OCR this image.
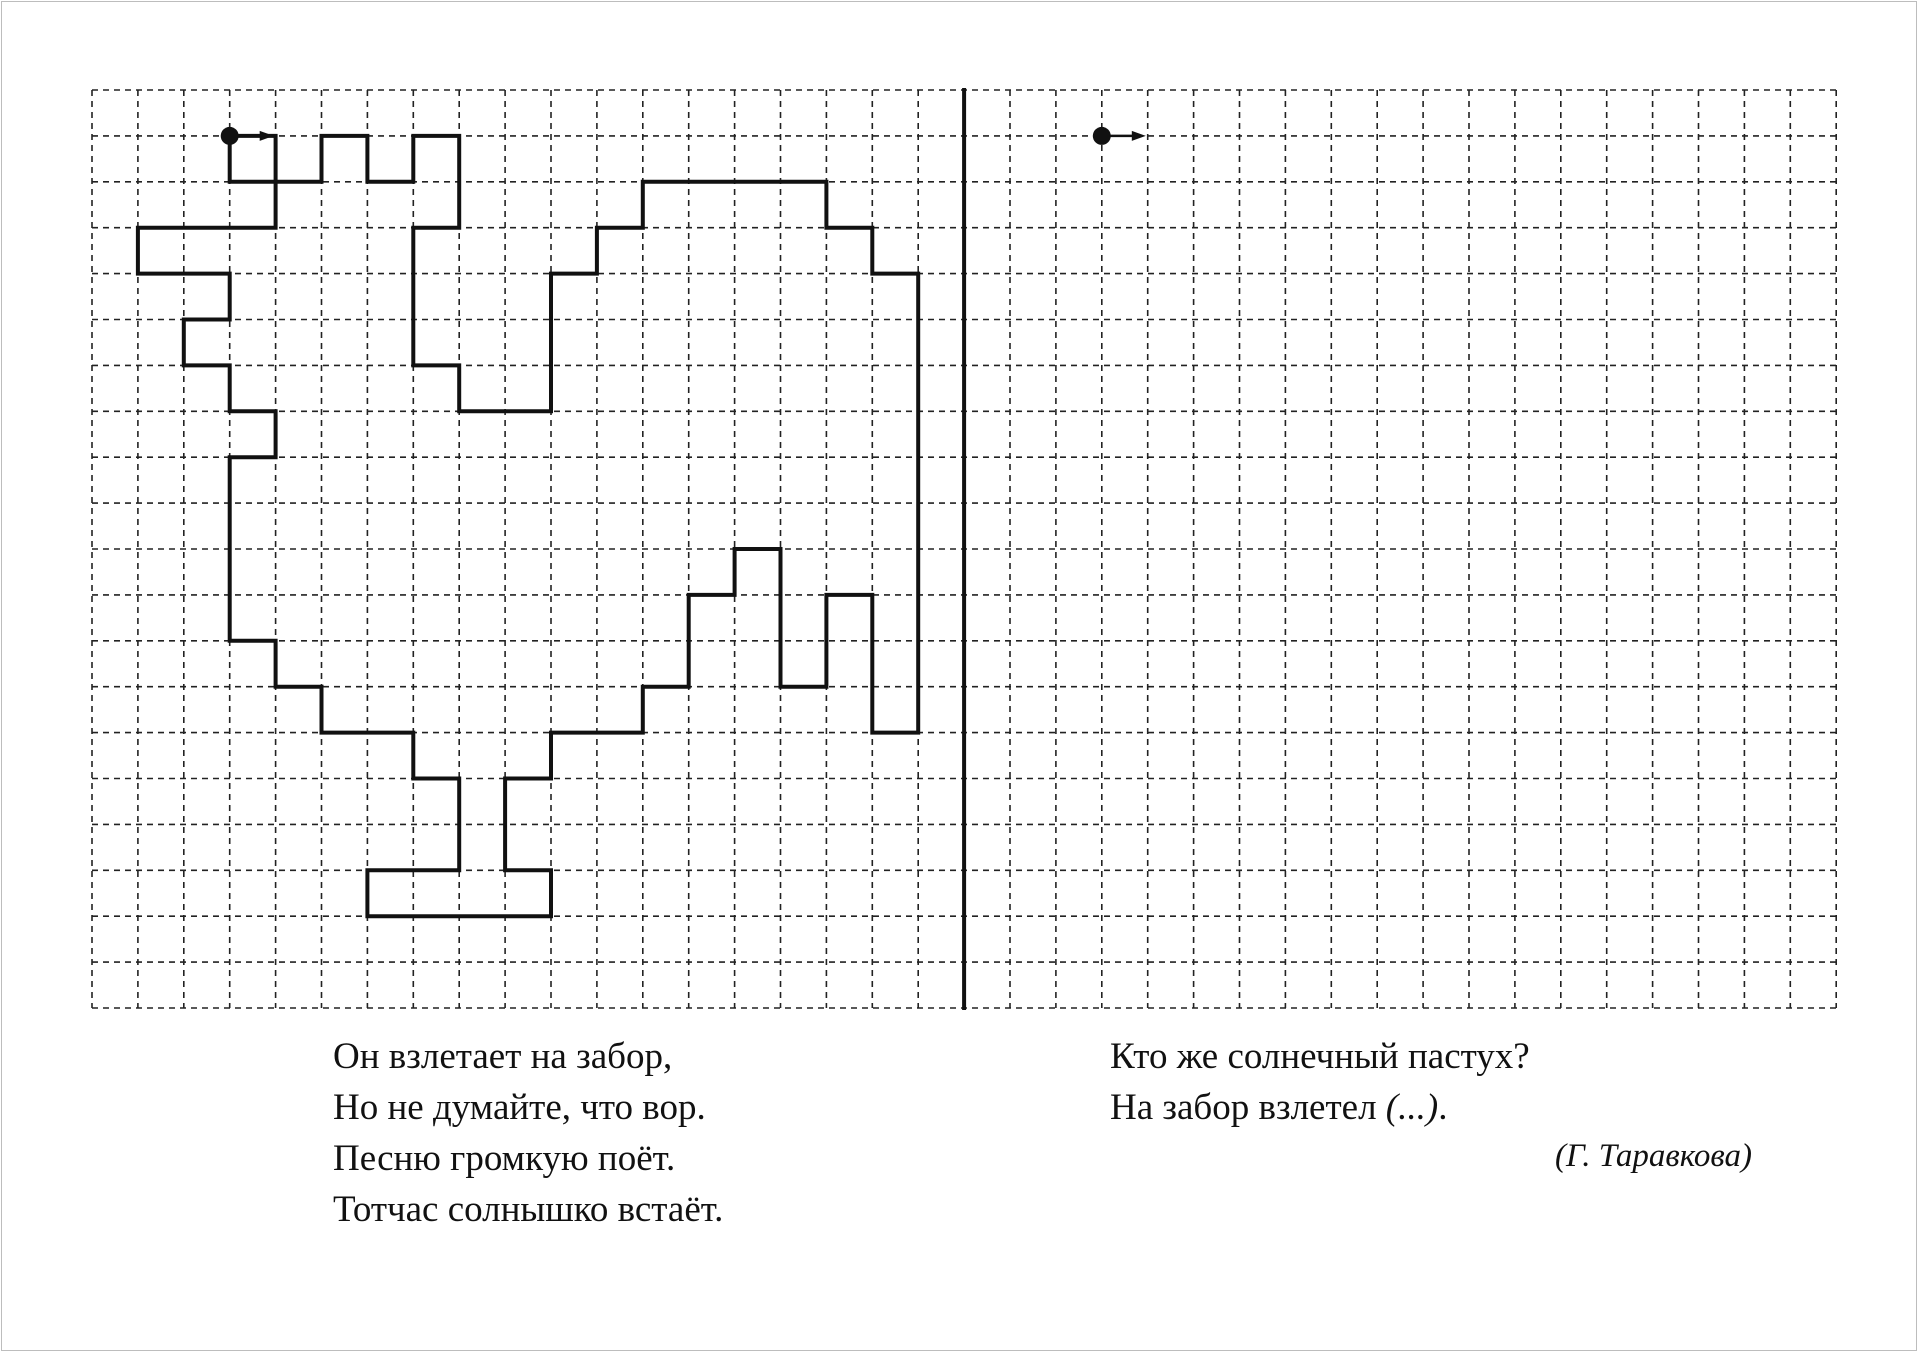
Он взлетает на забор,
Но не думайте, что вор.
Песню громкую поёт.
Тотчас солнышко встаёт.
Кто же солнечный пастух?
На забор взлетел (...).
(Г. Таравкова)
